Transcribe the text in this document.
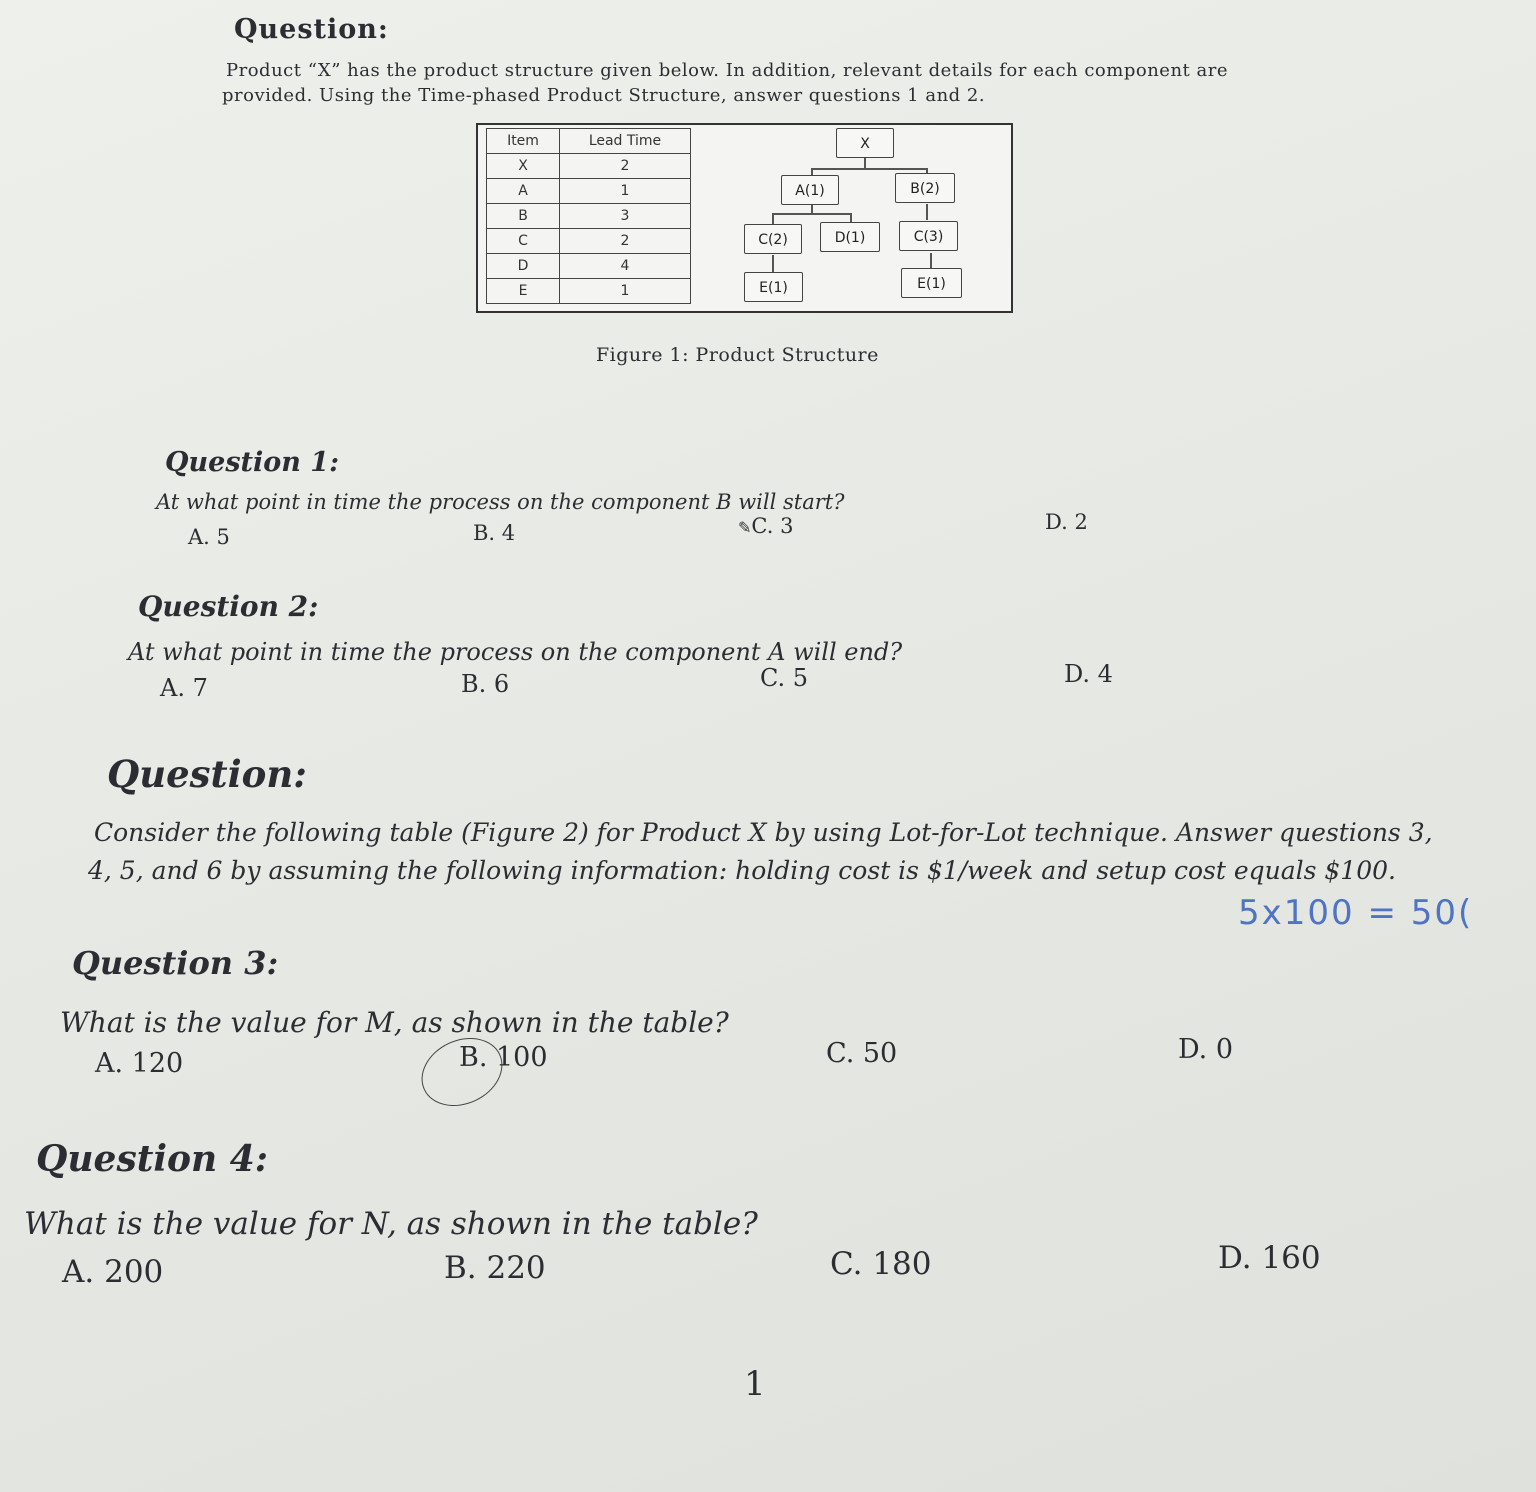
Question:
Product “X” has the product structure given below. In addition, relevant details for each component are
provided. Using the Time-phased Product Structure, answer questions 1 and 2.
Item	Lead Time
X	2
A	1
B	3
C	2
D	4
E	1
X
A(1)	B(2)
C(2)	D(1)	C(3)
E(1)	E(1)
Figure 1: Product Structure
Question 1:
At what point in time the process on the component B will start?
A. 5	B. 4	✎C. 3	D. 2
Question 2:
At what point in time the process on the component A will end?
A. 7	B. 6	C. 5	D. 4
Question:
Consider the following table (Figure 2) for Product X by using Lot-for-Lot technique. Answer questions 3,
4, 5, and 6 by assuming the following information: holding cost is $1/week and setup cost equals $100.
5x100 = 50(
Question 3:
What is the value for M, as shown in the table?
A. 120	B. 100	C. 50	D. 0
Question 4:
What is the value for N, as shown in the table?
A. 200	B. 220	C. 180	D. 160
1
